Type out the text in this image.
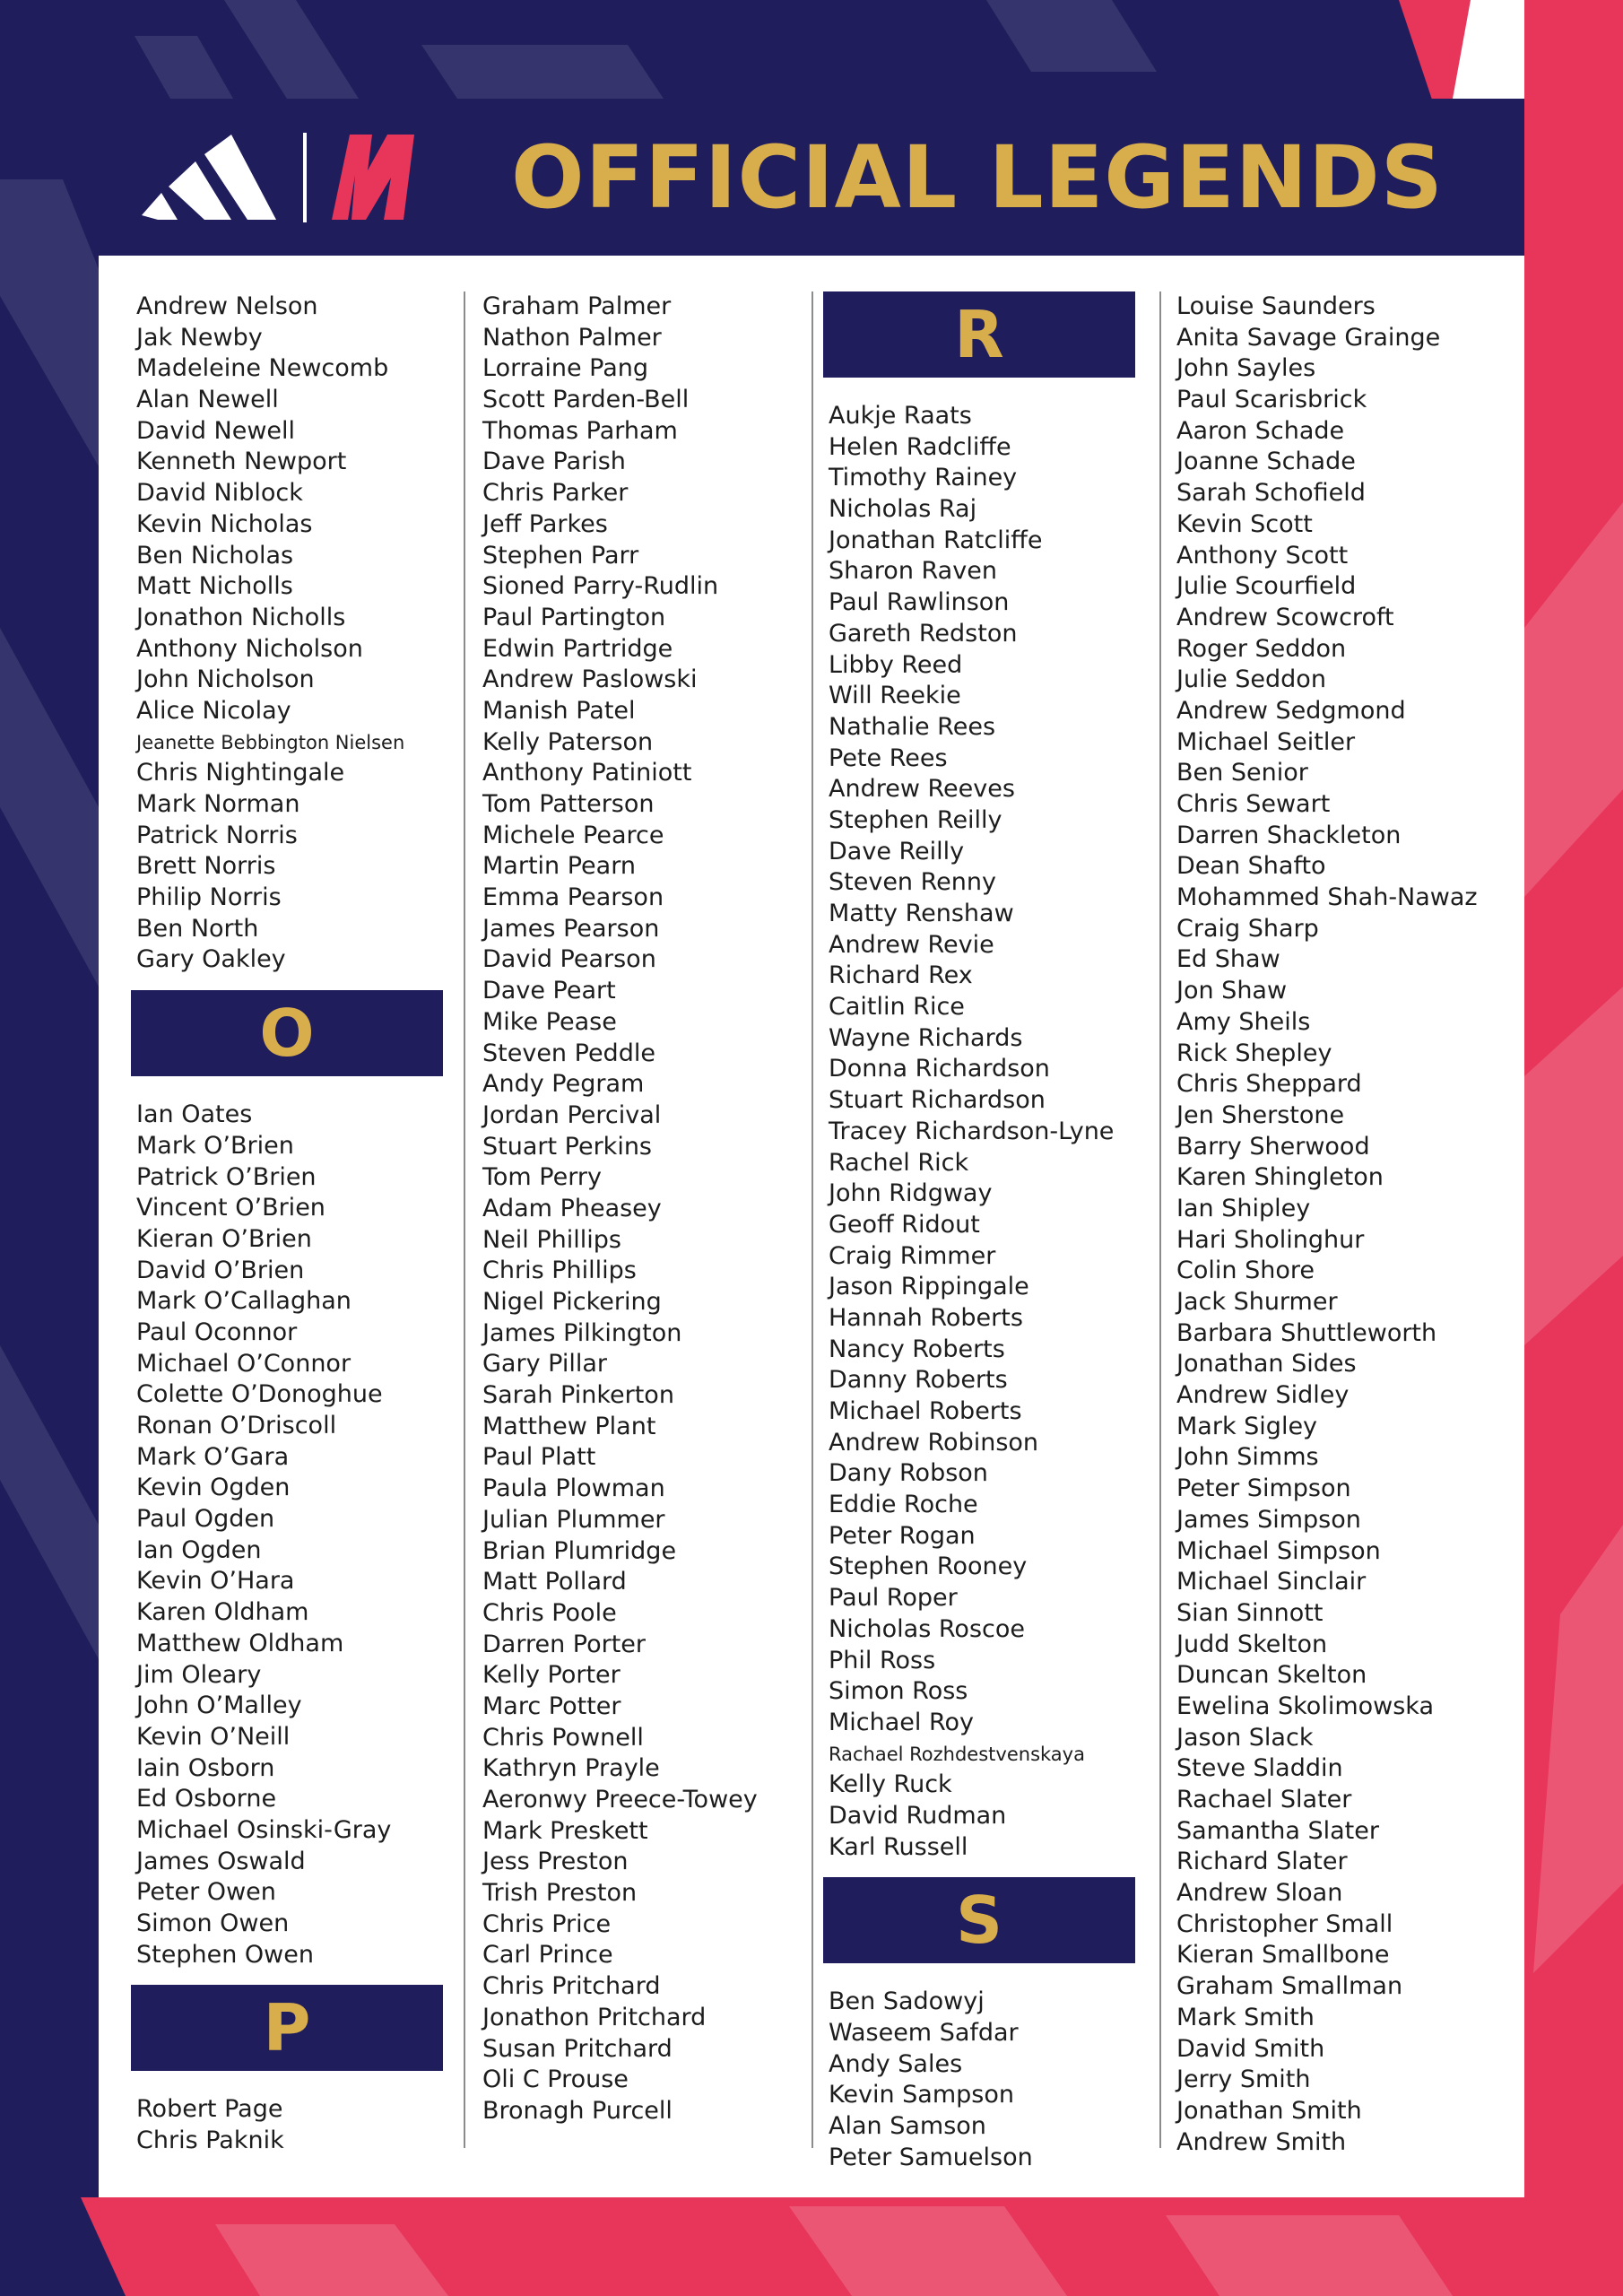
OFFICIAL LEGENDS
Andrew Nelson
Jak Newby
Madeleine Newcomb
Alan Newell
David Newell
Kenneth Newport
David Niblock
Kevin Nicholas
Ben Nicholas
Matt Nicholls
Jonathon Nicholls
Anthony Nicholson
John Nicholson
Alice Nicolay
Jeanette Bebbington Nielsen
Chris Nightingale
Mark Norman
Patrick Norris
Brett Norris
Philip Norris
Ben North
Gary Oakley
O
Ian Oates
Mark O’Brien
Patrick O’Brien
Vincent O’Brien
Kieran O’Brien
David O’Brien
Mark O’Callaghan
Paul Oconnor
Michael O’Connor
Colette O’Donoghue
Ronan O’Driscoll
Mark O’Gara
Kevin Ogden
Paul Ogden
Ian Ogden
Kevin O’Hara
Karen Oldham
Matthew Oldham
Jim Oleary
John O’Malley
Kevin O’Neill
Iain Osborn
Ed Osborne
Michael Osinski-Gray
James Oswald
Peter Owen
Simon Owen
Stephen Owen
P
Robert Page
Chris Paknik
Graham Palmer
Nathon Palmer
Lorraine Pang
Scott Parden-Bell
Thomas Parham
Dave Parish
Chris Parker
Jeff Parkes
Stephen Parr
Sioned Parry-Rudlin
Paul Partington
Edwin Partridge
Andrew Paslowski
Manish Patel
Kelly Paterson
Anthony Patiniott
Tom Patterson
Michele Pearce
Martin Pearn
Emma Pearson
James Pearson
David Pearson
Dave Peart
Mike Pease
Steven Peddle
Andy Pegram
Jordan Percival
Stuart Perkins
Tom Perry
Adam Pheasey
Neil Phillips
Chris Phillips
Nigel Pickering
James Pilkington
Gary Pillar
Sarah Pinkerton
Matthew Plant
Paul Platt
Paula Plowman
Julian Plummer
Brian Plumridge
Matt Pollard
Chris Poole
Darren Porter
Kelly Porter
Marc Potter
Chris Pownell
Kathryn Prayle
Aeronwy Preece-Towey
Mark Preskett
Jess Preston
Trish Preston
Chris Price
Carl Prince
Chris Pritchard
Jonathon Pritchard
Susan Pritchard
Oli C Prouse
Bronagh Purcell
R
Aukje Raats
Helen Radcliffe
Timothy Rainey
Nicholas Raj
Jonathan Ratcliffe
Sharon Raven
Paul Rawlinson
Gareth Redston
Libby Reed
Will Reekie
Nathalie Rees
Pete Rees
Andrew Reeves
Stephen Reilly
Dave Reilly
Steven Renny
Matty Renshaw
Andrew Revie
Richard Rex
Caitlin Rice
Wayne Richards
Donna Richardson
Stuart Richardson
Tracey Richardson-Lyne
Rachel Rick
John Ridgway
Geoff Ridout
Craig Rimmer
Jason Rippingale
Hannah Roberts
Nancy Roberts
Danny Roberts
Michael Roberts
Andrew Robinson
Dany Robson
Eddie Roche
Peter Rogan
Stephen Rooney
Paul Roper
Nicholas Roscoe
Phil Ross
Simon Ross
Michael Roy
Rachael Rozhdestvenskaya
Kelly Ruck
David Rudman
Karl Russell
S
Ben Sadowyj
Waseem Safdar
Andy Sales
Kevin Sampson
Alan Samson
Peter Samuelson
Louise Saunders
Anita Savage Grainge
John Sayles
Paul Scarisbrick
Aaron Schade
Joanne Schade
Sarah Schofield
Kevin Scott
Anthony Scott
Julie Scourfield
Andrew Scowcroft
Roger Seddon
Julie Seddon
Andrew Sedgmond
Michael Seitler
Ben Senior
Chris Sewart
Darren Shackleton
Dean Shafto
Mohammed Shah-Nawaz
Craig Sharp
Ed Shaw
Jon Shaw
Amy Sheils
Rick Shepley
Chris Sheppard
Jen Sherstone
Barry Sherwood
Karen Shingleton
Ian Shipley
Hari Sholinghur
Colin Shore
Jack Shurmer
Barbara Shuttleworth
Jonathan Sides
Andrew Sidley
Mark Sigley
John Simms
Peter Simpson
James Simpson
Michael Simpson
Michael Sinclair
Sian Sinnott
Judd Skelton
Duncan Skelton
Ewelina Skolimowska
Jason Slack
Steve Sladdin
Rachael Slater
Samantha Slater
Richard Slater
Andrew Sloan
Christopher Small
Kieran Smallbone
Graham Smallman
Mark Smith
David Smith
Jerry Smith
Jonathan Smith
Andrew Smith
